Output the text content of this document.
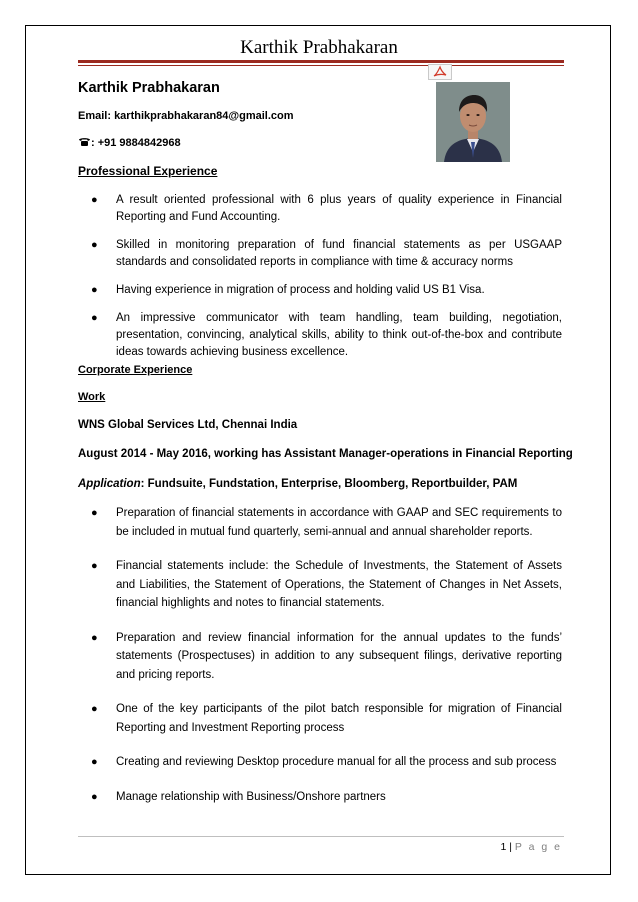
Karthik Prabhakaran
Karthik Prabhakaran
Email: karthikprabhakaran84@gmail.com
: +91 9884842968
Professional Experience
● A result oriented professional with 6 plus years of quality experience in Financial Reporting and Fund Accounting.
● Skilled in monitoring preparation of fund financial statements as per USGAAP standards and consolidated reports in compliance with time & accuracy norms
● Having experience in migration of process and holding valid US B1 Visa.
● An impressive communicator with team handling, team building, negotiation, presentation, convincing, analytical skills, ability to think out-of-the-box and contribute ideas towards achieving business excellence.
Corporate Experience
Work
WNS Global Services Ltd, Chennai India
August 2014 - May 2016, working has Assistant Manager-operations in Financial Reporting
Application: Fundsuite, Fundstation, Enterprise, Bloomberg, Reportbuilder, PAM
● Preparation of financial statements in accordance with GAAP and SEC requirements to be included in mutual fund quarterly, semi-annual and annual shareholder reports.
● Financial statements include: the Schedule of Investments, the Statement of Assets and Liabilities, the Statement of Operations, the Statement of Changes in Net Assets, financial highlights and notes to financial statements.
● Preparation and review financial information for the annual updates to the funds’ statements (Prospectuses) in addition to any subsequent filings, derivative reporting and pricing reports.
● One of the key participants of the pilot batch responsible for migration of Financial Reporting and Investment Reporting process
● Creating and reviewing Desktop procedure manual for all the process and sub process
● Manage relationship with Business/Onshore partners
1 | P a g e
